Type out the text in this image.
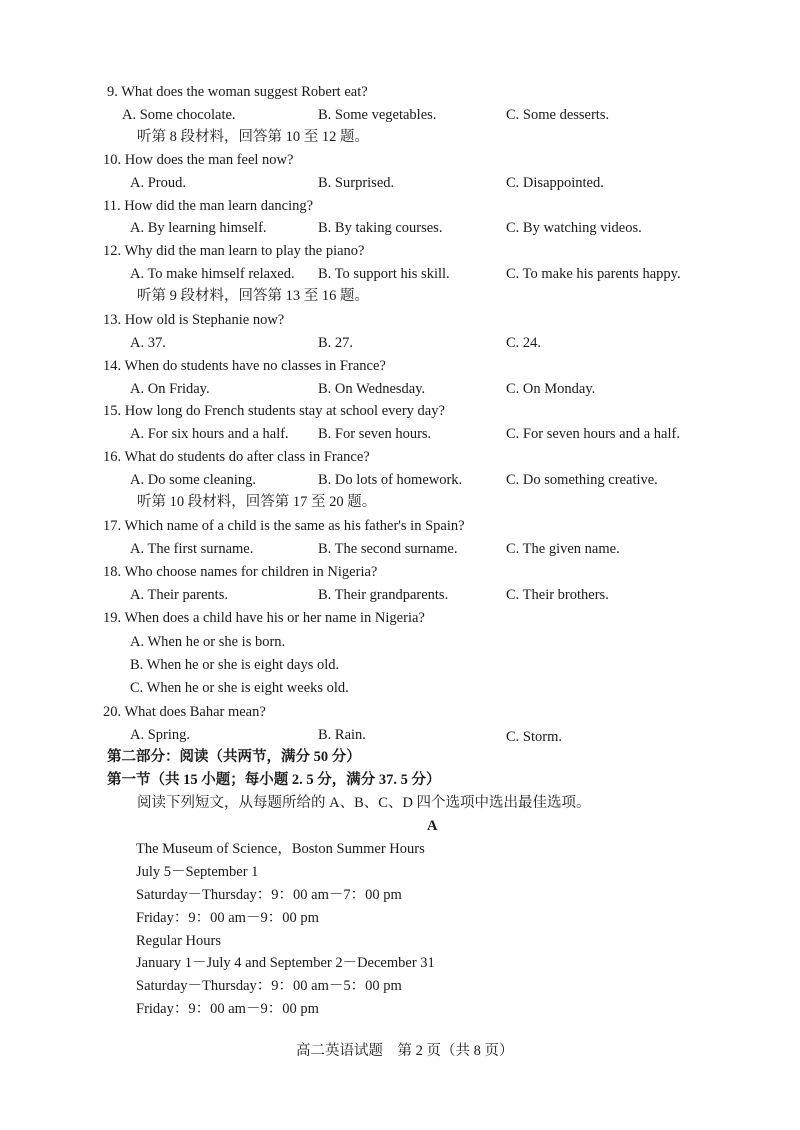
9. What does the woman suggest Robert eat?
A. Some chocolate.	B. Some vegetables.	C. Some desserts.
听第 8 段材料，回答第 10 至 12 题。
10. How does the man feel now?
A. Proud.	B. Surprised.	C. Disappointed.
11. How did the man learn dancing?
A. By learning himself.	B. By taking courses.	C. By watching videos.
12. Why did the man learn to play the piano?
A. To make himself relaxed. B. To support his skill.	C. To make his parents happy.
听第 9 段材料，回答第 13 至 16 题。
13. How old is Stephanie now?
A. 37.	B. 27.	C. 24.
14. When do students have no classes in France?
A. On Friday.	B. On Wednesday.	C. On Monday.
15. How long do French students stay at school every day?
A. For six hours and a half. B. For seven hours.	C. For seven hours and a half.
16. What do students do after class in France?
A. Do some cleaning.	B. Do lots of homework.	C. Do something creative.
听第 10 段材料，回答第 17 至 20 题。
17. Which name of a child is the same as his father's in Spain?
A. The first surname.	B. The second surname.	C. The given name.
18. Who choose names for children in Nigeria?
A. Their parents.	B. Their grandparents.	C. Their brothers.
19. When does a child have his or her name in Nigeria?
A. When he or she is born.
B. When he or she is eight days old.
C. When he or she is eight weeks old.
20. What does Bahar mean?
A. Spring.	B. Rain.	C. Storm.
第二部分：阅读（共两节，满分 50 分）
第一节（共 15 小题；每小题 2. 5 分，满分 37. 5 分）
阅读下列短文，从每题所给的 A、B、C、D 四个选项中选出最佳选项。
A
The Museum of Science，Boston Summer Hours
July 5－September 1
Saturday－Thursday：9：00 am－7：00 pm
Friday：9：00 am－9：00 pm
Regular Hours
January 1－July 4 and September 2－December 31
Saturday－Thursday：9：00 am－5：00 pm
Friday：9：00 am－9：00 pm
高二英语试题　第 2 页（共 8 页）
